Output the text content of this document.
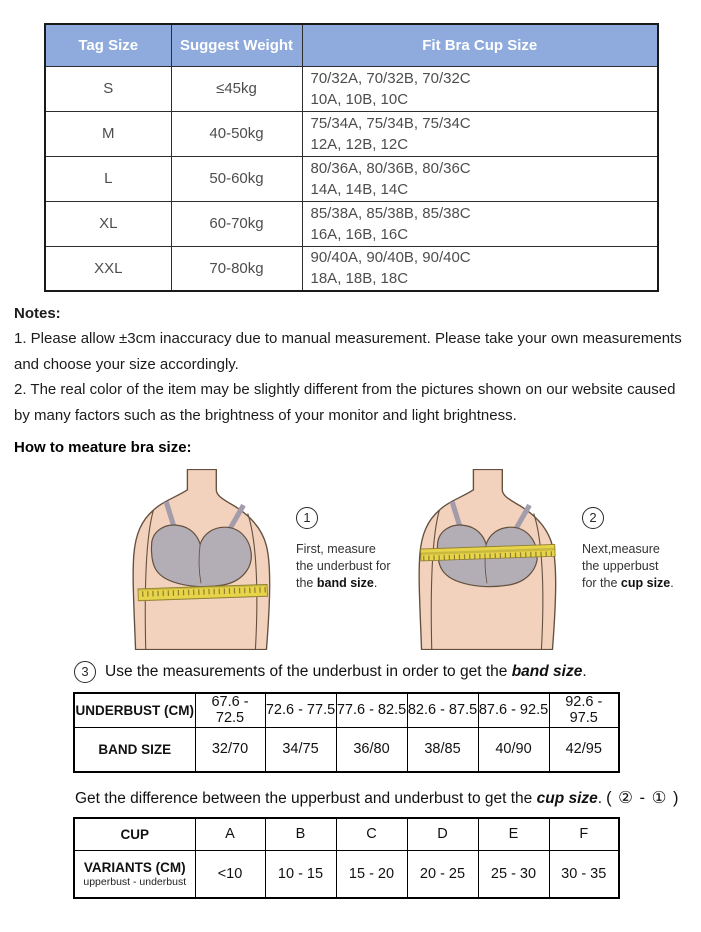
Tag Size	Suggest Weight	Fit Bra Cup Size
S	≤45kg	70/32A, 70/32B, 70/32C
10A, 10B, 10C

M	40-50kg	75/34A, 75/34B, 75/34C
12A, 12B, 12C

L	50-60kg	80/36A, 80/36B, 80/36C
14A, 14B, 14C

XL	60-70kg	85/38A, 85/38B, 85/38C
16A, 16B, 16C

XXL	70-80kg	90/40A, 90/40B, 90/40C
18A, 18B, 18C
Notes:

1. Please allow ±3cm inaccuracy due to manual measurement. Please take your own measurements and choose your size accordingly.

2. The real color of the item may be slightly different from the pictures shown on our website caused by many factors such as the brightness of your monitor and light brightness.

How to meature bra size:
1
First, measure
the underbust for
the band size.
2
Next,measure
the upperbust
for the cup size.
3	Use the measurements of the underbust in order to get the band size.
UNDERBUST (CM)	67.6 - 72.5	72.6 - 77.5	77.6 - 82.5	82.6 - 87.5	87.6 - 92.5	92.6 - 97.5
BAND SIZE	32/70	34/75	36/80	38/85	40/90	42/95
Get the difference between the upperbust and underbust to get the cup size. ( ② - ① )
CUP	A	B	C	D	E	F

VARIANTS (CM)
upperbust - underbust	<10	10 - 15	15 - 20	20 - 25	25 - 30	30 - 35
